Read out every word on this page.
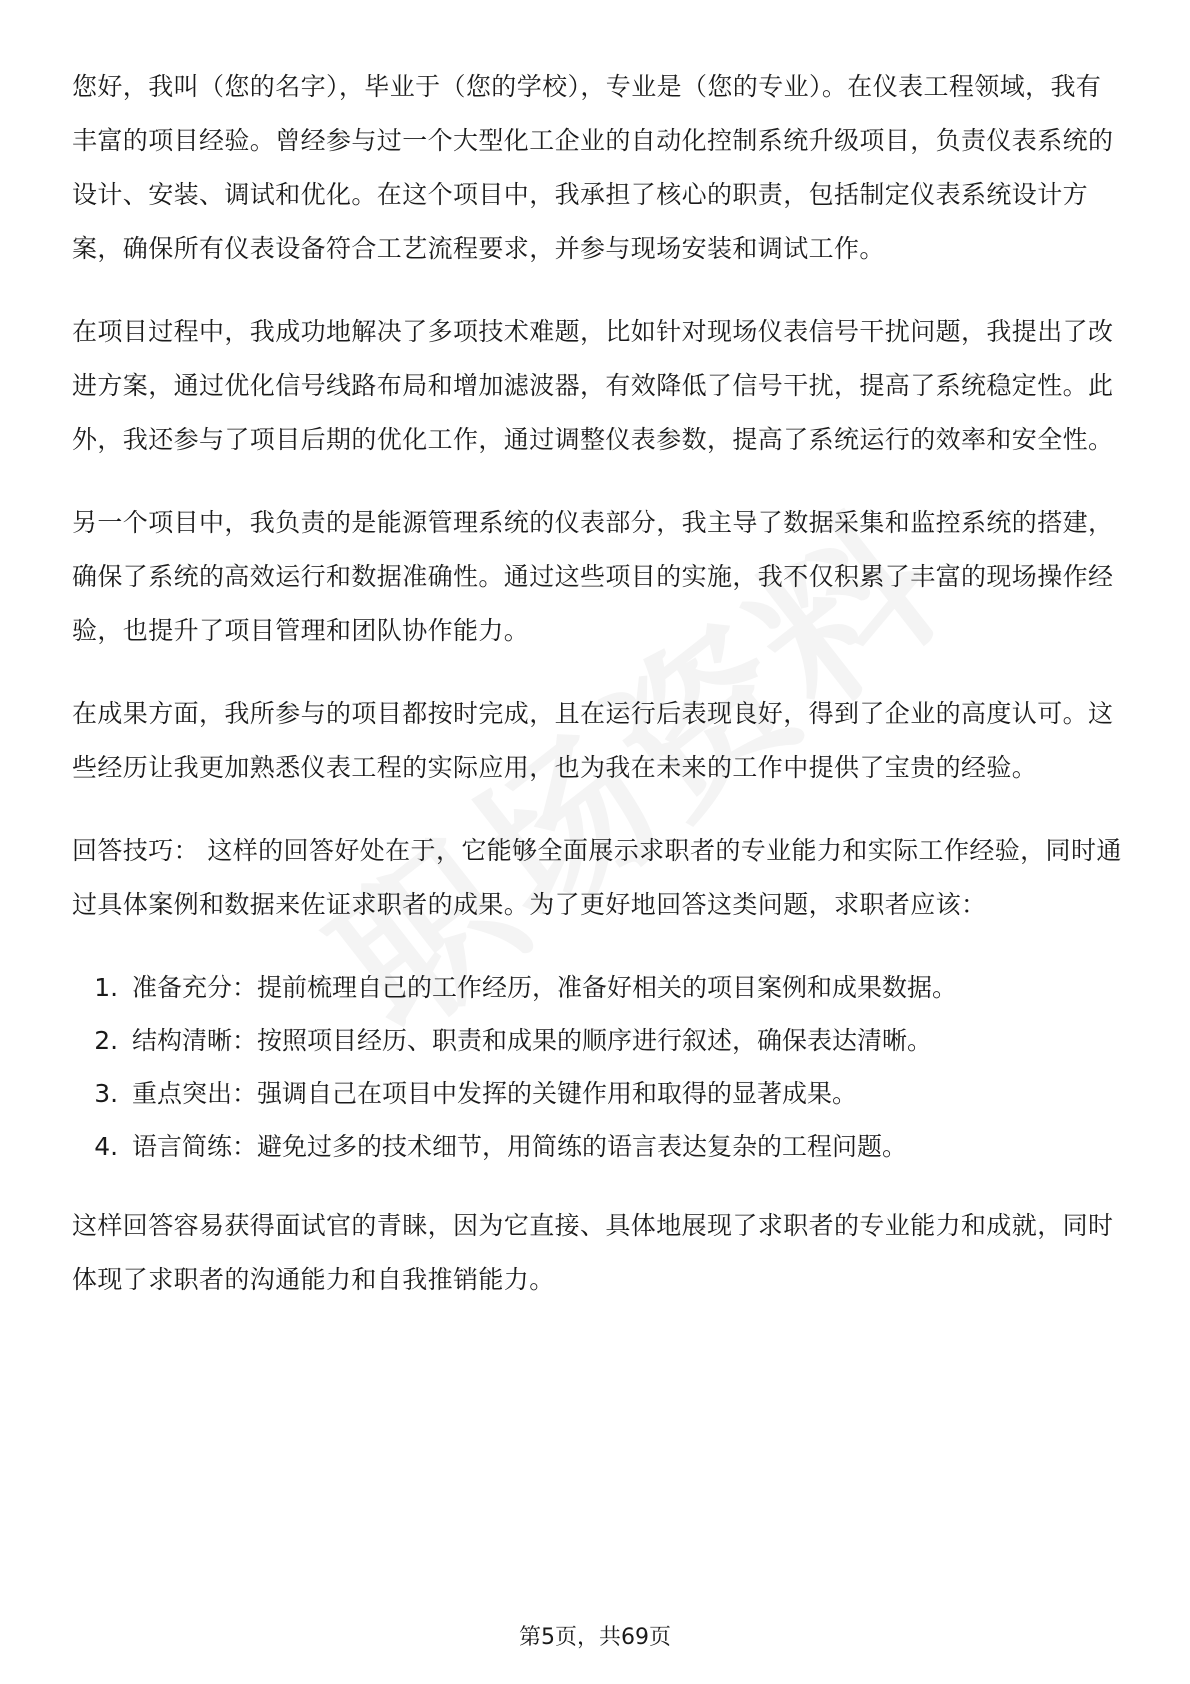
您好，我叫（您的名字），毕业于（您的学校），专业是（您的专业）。在仪表工程领域，我有丰富的项目经验。曾经参与过一个大型化工企业的自动化控制系统升级项目，负责仪表系统的设计、安装、调试和优化。在这个项目中，我承担了核心的职责，包括制定仪表系统设计方案，确保所有仪表设备符合工艺流程要求，并参与现场安装和调试工作。

在项目过程中，我成功地解决了多项技术难题，比如针对现场仪表信号干扰问题，我提出了改进方案，通过优化信号线路布局和增加滤波器，有效降低了信号干扰，提高了系统稳定性。此外，我还参与了项目后期的优化工作，通过调整仪表参数，提高了系统运行的效率和安全性。

另一个项目中，我负责的是能源管理系统的仪表部分，我主导了数据采集和监控系统的搭建，确保了系统的高效运行和数据准确性。通过这些项目的实施，我不仅积累了丰富的现场操作经验，也提升了项目管理和团队协作能力。

在成果方面，我所参与的项目都按时完成，且在运行后表现良好，得到了企业的高度认可。这些经历让我更加熟悉仪表工程的实际应用，也为我在未来的工作中提供了宝贵的经验。

回答技巧： 这样的回答好处在于，它能够全面展示求职者的专业能力和实际工作经验，同时通过具体案例和数据来佐证求职者的成果。为了更好地回答这类问题，求职者应该：

1. 准备充分：提前梳理自己的工作经历，准备好相关的项目案例和成果数据。
2. 结构清晰：按照项目经历、职责和成果的顺序进行叙述，确保表达清晰。
3. 重点突出：强调自己在项目中发挥的关键作用和取得的显著成果。
4. 语言简练：避免过多的技术细节，用简练的语言表达复杂的工程问题。

这样回答容易获得面试官的青睐，因为它直接、具体地展现了求职者的专业能力和成就，同时体现了求职者的沟通能力和自我推销能力。

第5页，共69页
